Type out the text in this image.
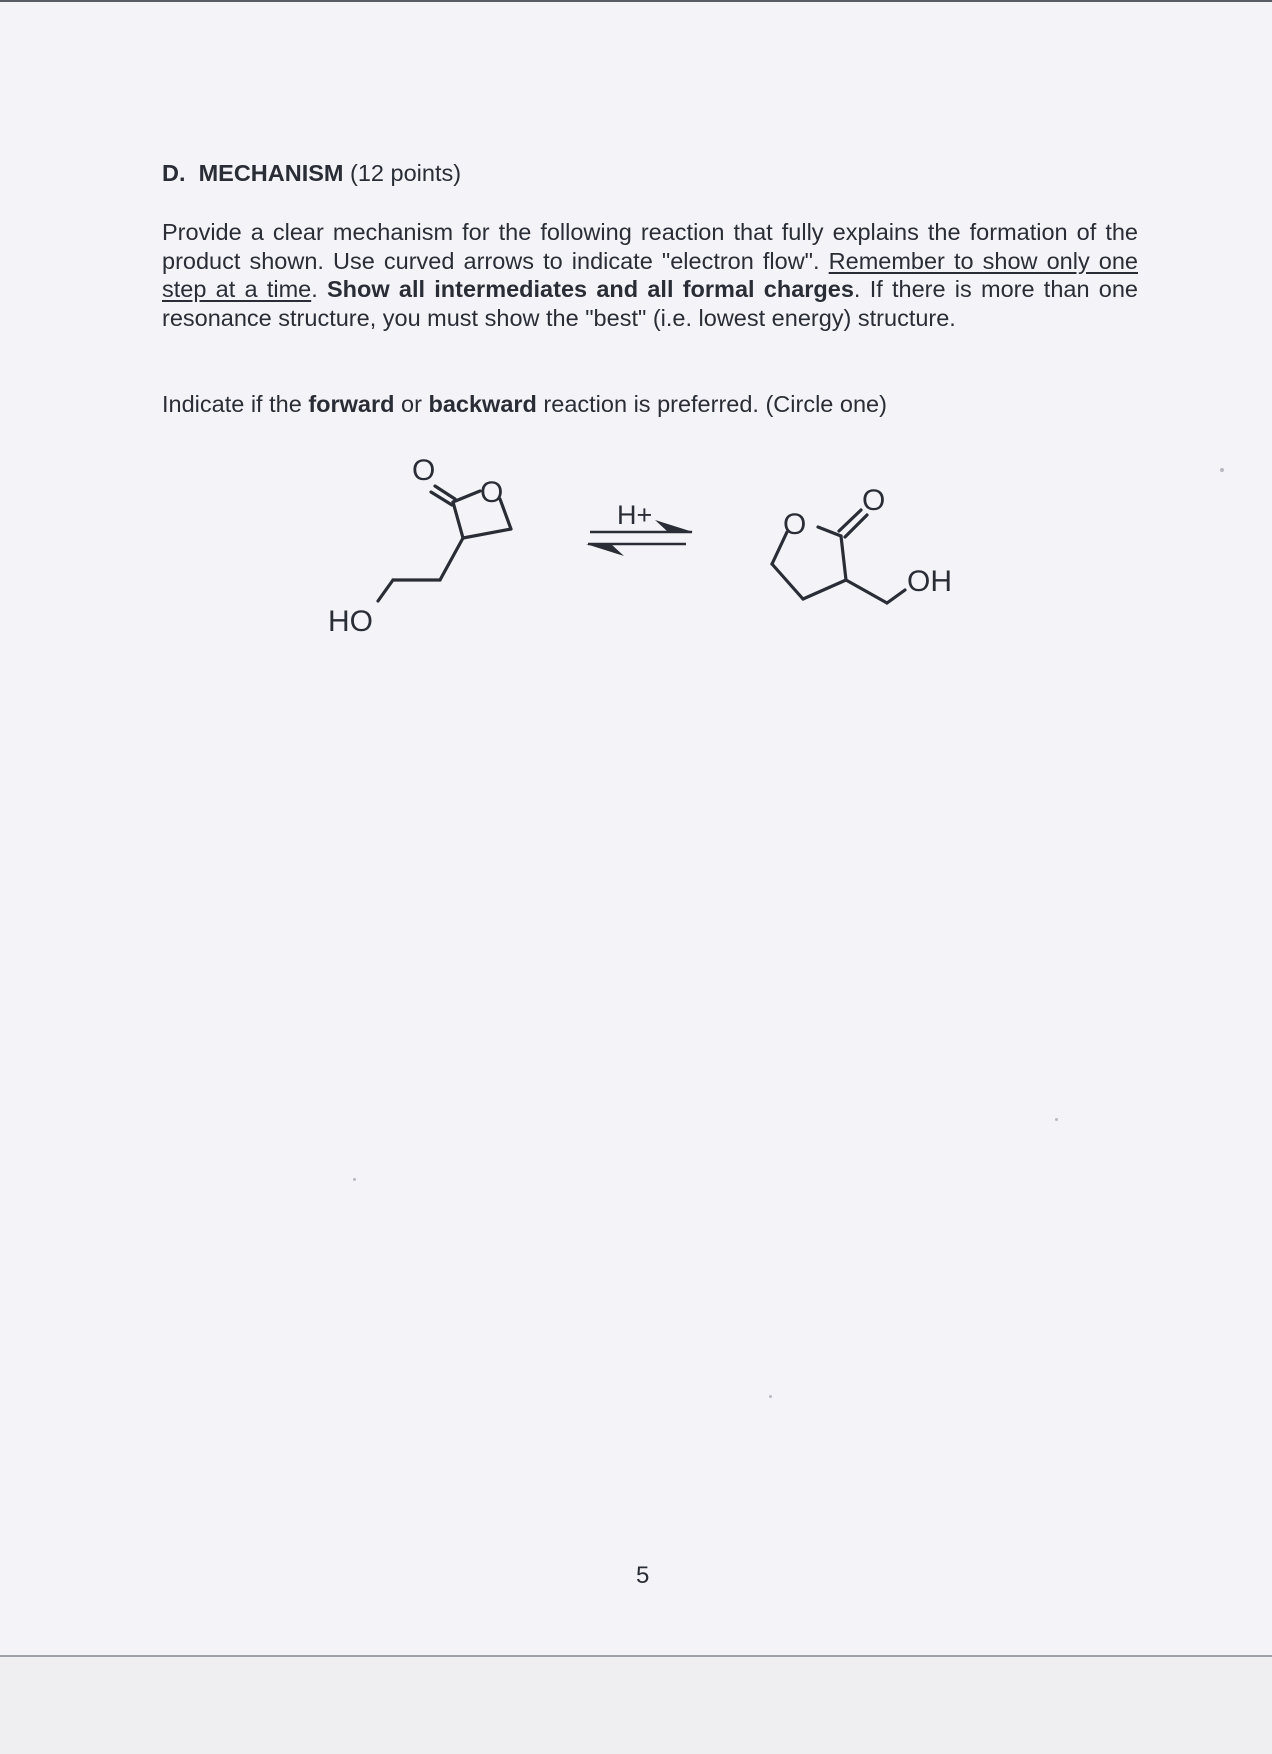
D. MECHANISM (12 points)
Provide a clear mechanism for the following reaction that fully explains the formation of the product shown. Use curved arrows to indicate "electron flow". Remember to show only one step at a time. Show all intermediates and all formal charges. If there is more than one resonance structure, you must show the "best" (i.e. lowest energy) structure.
Indicate if the forward or backward reaction is preferred. (Circle one)
O
O
HO
H+	O
O
OH
5
